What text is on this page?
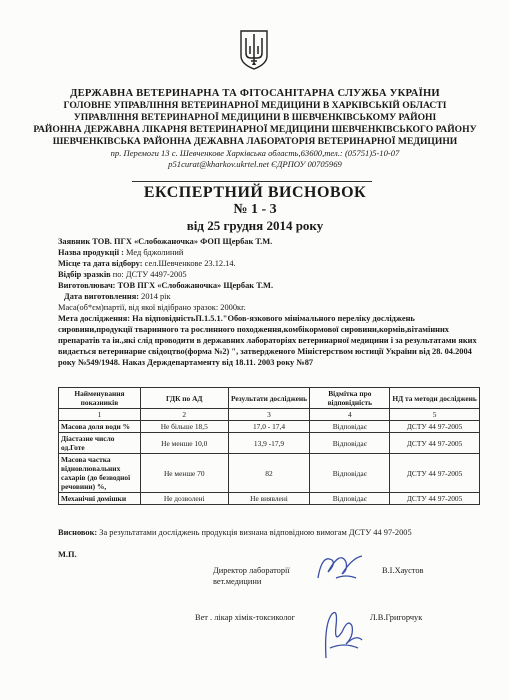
ДЕРЖАВНА ВЕТЕРИНАРНА ТА ФІТОСАНІТАРНА СЛУЖБА УКРАЇНИ
ГОЛОВНЕ УПРАВЛІННЯ ВЕТЕРИНАРНОЇ МЕДИЦИНИ В ХАРКІВСЬКІЙ ОБЛАСТІ
УПРАВЛІННЯ ВЕТЕРИНАРНОЇ МЕДИЦИНИ В ШЕВЧЕНКІВСЬКОМУ РАЙОНІ
РАЙОННА ДЕРЖАВНА ЛІКАРНЯ ВЕТЕРИНАРНОЇ МЕДИЦИНИ ШЕВЧЕНКІВСЬКОГО РАЙОНУ
ШЕВЧЕНКІВСЬКА РАЙОННА ДЕЖАВНА ЛАБОРАТОРІЯ ВЕТЕРИНАРНОЇ МЕДИЦИНИ
пр. Перемоги 13 с. Шевченкове Харківська область,63600,тел.: (05751)5-10-07
p51curat@kharkov.ukrtel.net ЄДРПОУ 00705969
ЕКСПЕРТНИЙ ВИСНОВОК
№ 1 - 3
від 25 грудня 2014 року
Заявник ТОВ. ПГХ «Слобожаночка» ФОП Щербак Т.М.
Назва продукції : Мед бджолиний
Місце та дата відбору: сел.Шевченкове 23.12.14.
Відбір зразків по: ДСТУ 4497-2005
Виготовлювач: ТОВ ПГХ «Слобожаночка» Щербак Т.М.
Дата виготовлення: 2014 рік
Маса(об*єм)партії, від якої відібрано зразок: 2000кг.
Мета дослідження: На відповідністьП.1.5.1."Обов-язкового мінімального переліку досліджень сировини,продукції тваринного та рослинного походження,комбікормової сировини,кормів,вітамінних препаратів та ін.,які слід проводити в державних лабораторіях ветеринарної медицини і за результатами яких видається ветеринарне свідоцтво(форма №2) ", затвердженого Міністерством юстиції України від 28. 04.2004 року №549/1948. Наказ Держдепартаменту від 18.11. 2003 року №87
Найменування показників	ГДК по АД	Результати досліджень	Відмітка про відповідність	НД та методи досліджень
1	2	3	4	5
Масова доля води %	Не більше 18,5	17,0 - 17,4	Відповідає	ДСТУ 44 97-2005
Діастазне число од.Готе	Не менше 10,0	13,9 -17,9	Відповідає	ДСТУ 44 97-2005
Масова частка відновлювальних сахарів (до безводної речовини) %,	Не менше 70	82	Відповідає	ДСТУ 44 97-2005
Механічні домішки	Не дозволені	Не виявлені	Відповідає	ДСТУ 44 97-2005
Висновок: За результатами досліджень продукція визнана відповідною вимогам ДСТУ 44 97-2005
М.П.
Директор лабораторії
вет.медицини
В.І.Хаустов
Вет . лікар хімік-токсиколог	Л.В.Григорчук
